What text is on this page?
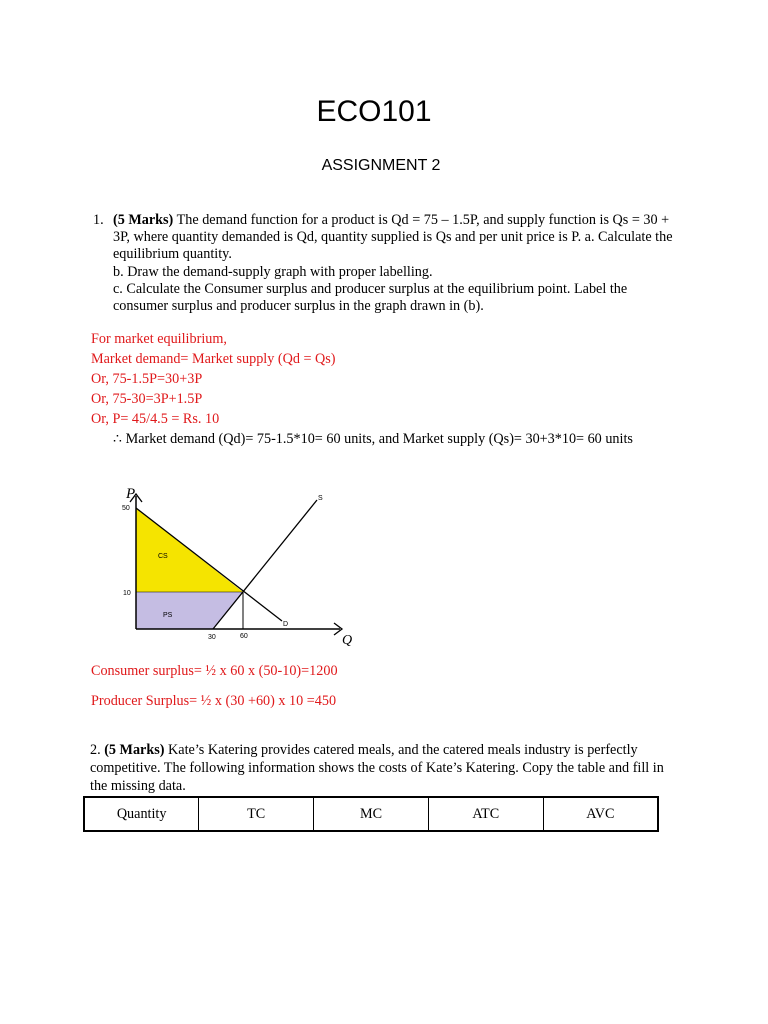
ECO101
ASSIGNMENT 2
1. (5 Marks) The demand function for a product is Qd = 75 – 1.5P, and supply function is Qs = 30 + 3P, where quantity demanded is Qd, quantity supplied is Qs and per unit price is P. a. Calculate the equilibrium quantity.

b. Draw the demand-supply graph with proper labelling.

c. Calculate the Consumer surplus and producer surplus at the equilibrium point. Label the consumer surplus and producer surplus in the graph drawn in (b).

For market equilibrium,

Market demand= Market supply (Qd = Qs)

Or, 75-1.5P=30+3P

Or, 75-30=3P+1.5P

Or, P= 45/4.5 = Rs. 10

∴ Market demand (Qd)= 75-1.5*10= 60 units, and Market supply (Qs)= 30+3*10= 60 units

P
Q
S
D
CS
PS
50
10
30	60
Consumer surplus= ½ x 60 x (50-10)=1200
Producer Surplus= ½ x (30 +60) x 10 =450

2. (5 Marks) Kate’s Katering provides catered meals, and the catered meals industry is perfectly competitive. The following information shows the costs of Kate’s Katering. Copy the table and fill in the missing data.

Quantity	TC	MC	ATC	AVC
